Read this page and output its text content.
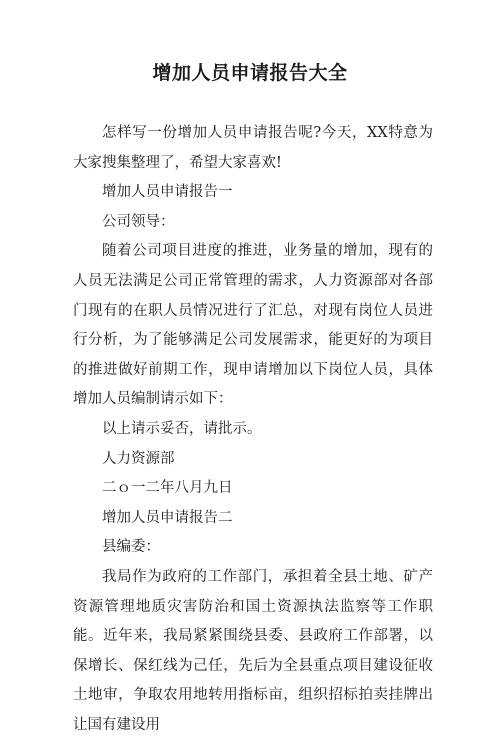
增加人员申请报告大全

怎样写一份增加人员申请报告呢?今天，XX特意为大家搜集整理了，希望大家喜欢!

增加人员申请报告一

公司领导：

随着公司项目进度的推进，业务量的增加，现有的人员无法满足公司正常管理的需求，人力资源部对各部门现有的在职人员情况进行了汇总，对现有岗位人员进行分析，为了能够满足公司发展需求，能更好的为项目的推进做好前期工作，现申请增加以下岗位人员，具体增加人员编制请示如下：

以上请示妥否，请批示。

人力资源部

二ｏ一二年八月九日

增加人员申请报告二

县编委：

我局作为政府的工作部门，承担着全县土地、矿产资源管理地质灾害防治和国土资源执法监察等工作职能。近年来，我局紧紧围绕县委、县政府工作部署，以保增长、保红线为己任，先后为全县重点项目建设征收土地审，争取农用地转用指标亩，组织招标拍卖挂牌出让国有建设用
